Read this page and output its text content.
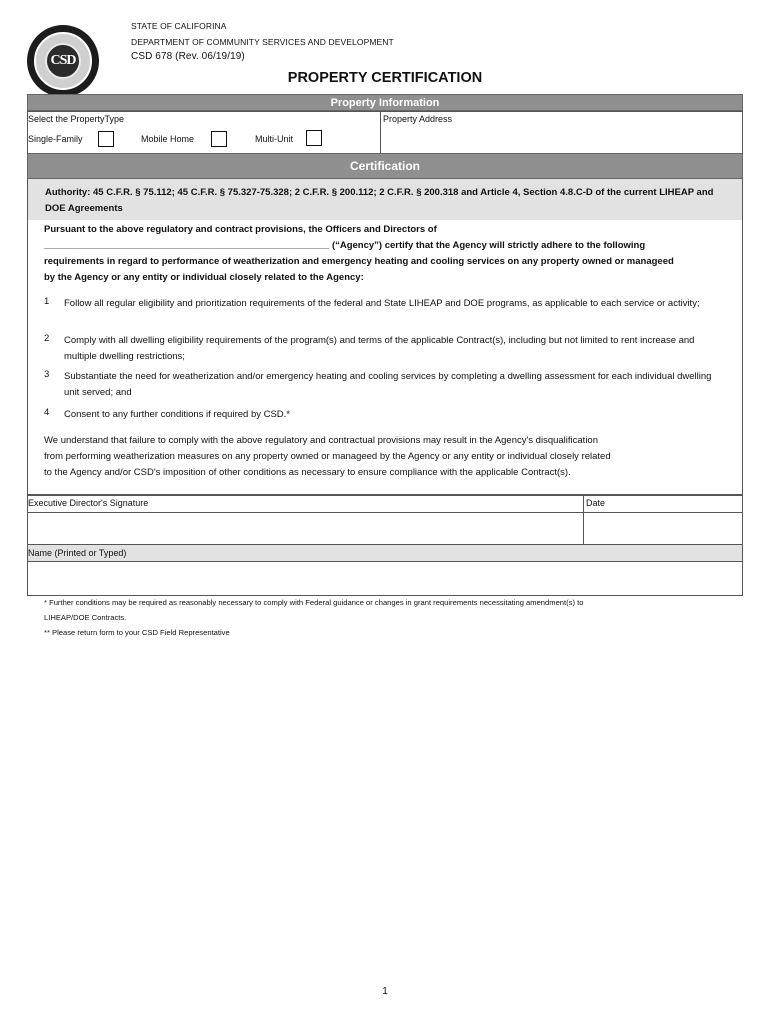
CSD
STATE OF CALIFORINA
DEPARTMENT OF COMMUNITY SERVICES AND DEVELOPMENT
CSD 678 (Rev. 06/19/19)
PROPERTY CERTIFICATION
Property Information
Select the PropertyType	Property Address
Single-Family	Mobile Home	Multi-Unit
Certification
Authority: 45 C.F.R. § 75.112; 45 C.F.R. § 75.327-75.328; 2 C.F.R. § 200.112; 2 C.F.R. § 200.318 and Article 4, Section 4.8.C-D of the current LIHEAP and DOE Agreements
Pursuant to the above regulatory and contract provisions, the Officers and Directors of
______________________________________________________ (“Agency”) certify that the Agency will strictly adhere to the following
requirements in regard to performance of weatherization and emergency heating and cooling services on any property owned or manageed
by the Agency or any entity or individual closely related to the Agency:
1 Follow all regular eligibility and prioritization requirements of the federal and State LIHEAP and DOE programs, as applicable to each service or activity;
2 Comply with all dwelling eligibility requirements of the program(s) and terms of the applicable Contract(s), including but not limited to rent increase and multiple dwelling restrictions;
3 Substantiate the need for weatherization and/or emergency heating and cooling services by completing a dwelling assessment for each individual dwelling unit served; and
4 Consent to any further conditions if required by CSD.*
We understand that failure to comply with the above regulatory and contractual provisions may result in the Agency's disqualification
from performing weatherization measures on any property owned or manageed by the Agency or any entity or individual closely related
to the Agency and/or CSD's imposition of other conditions as necessary to ensure compliance with the applicable Contract(s).
Executive Director's Signature	Date
Name (Printed or Typed)
* Further conditions may be required as reasonably necessary to comply with Federal guidance or changes in grant requirements necessitating amendment(s) to
LIHEAP/DOE Contracts.
** Please return form to your CSD Field Representative
1
